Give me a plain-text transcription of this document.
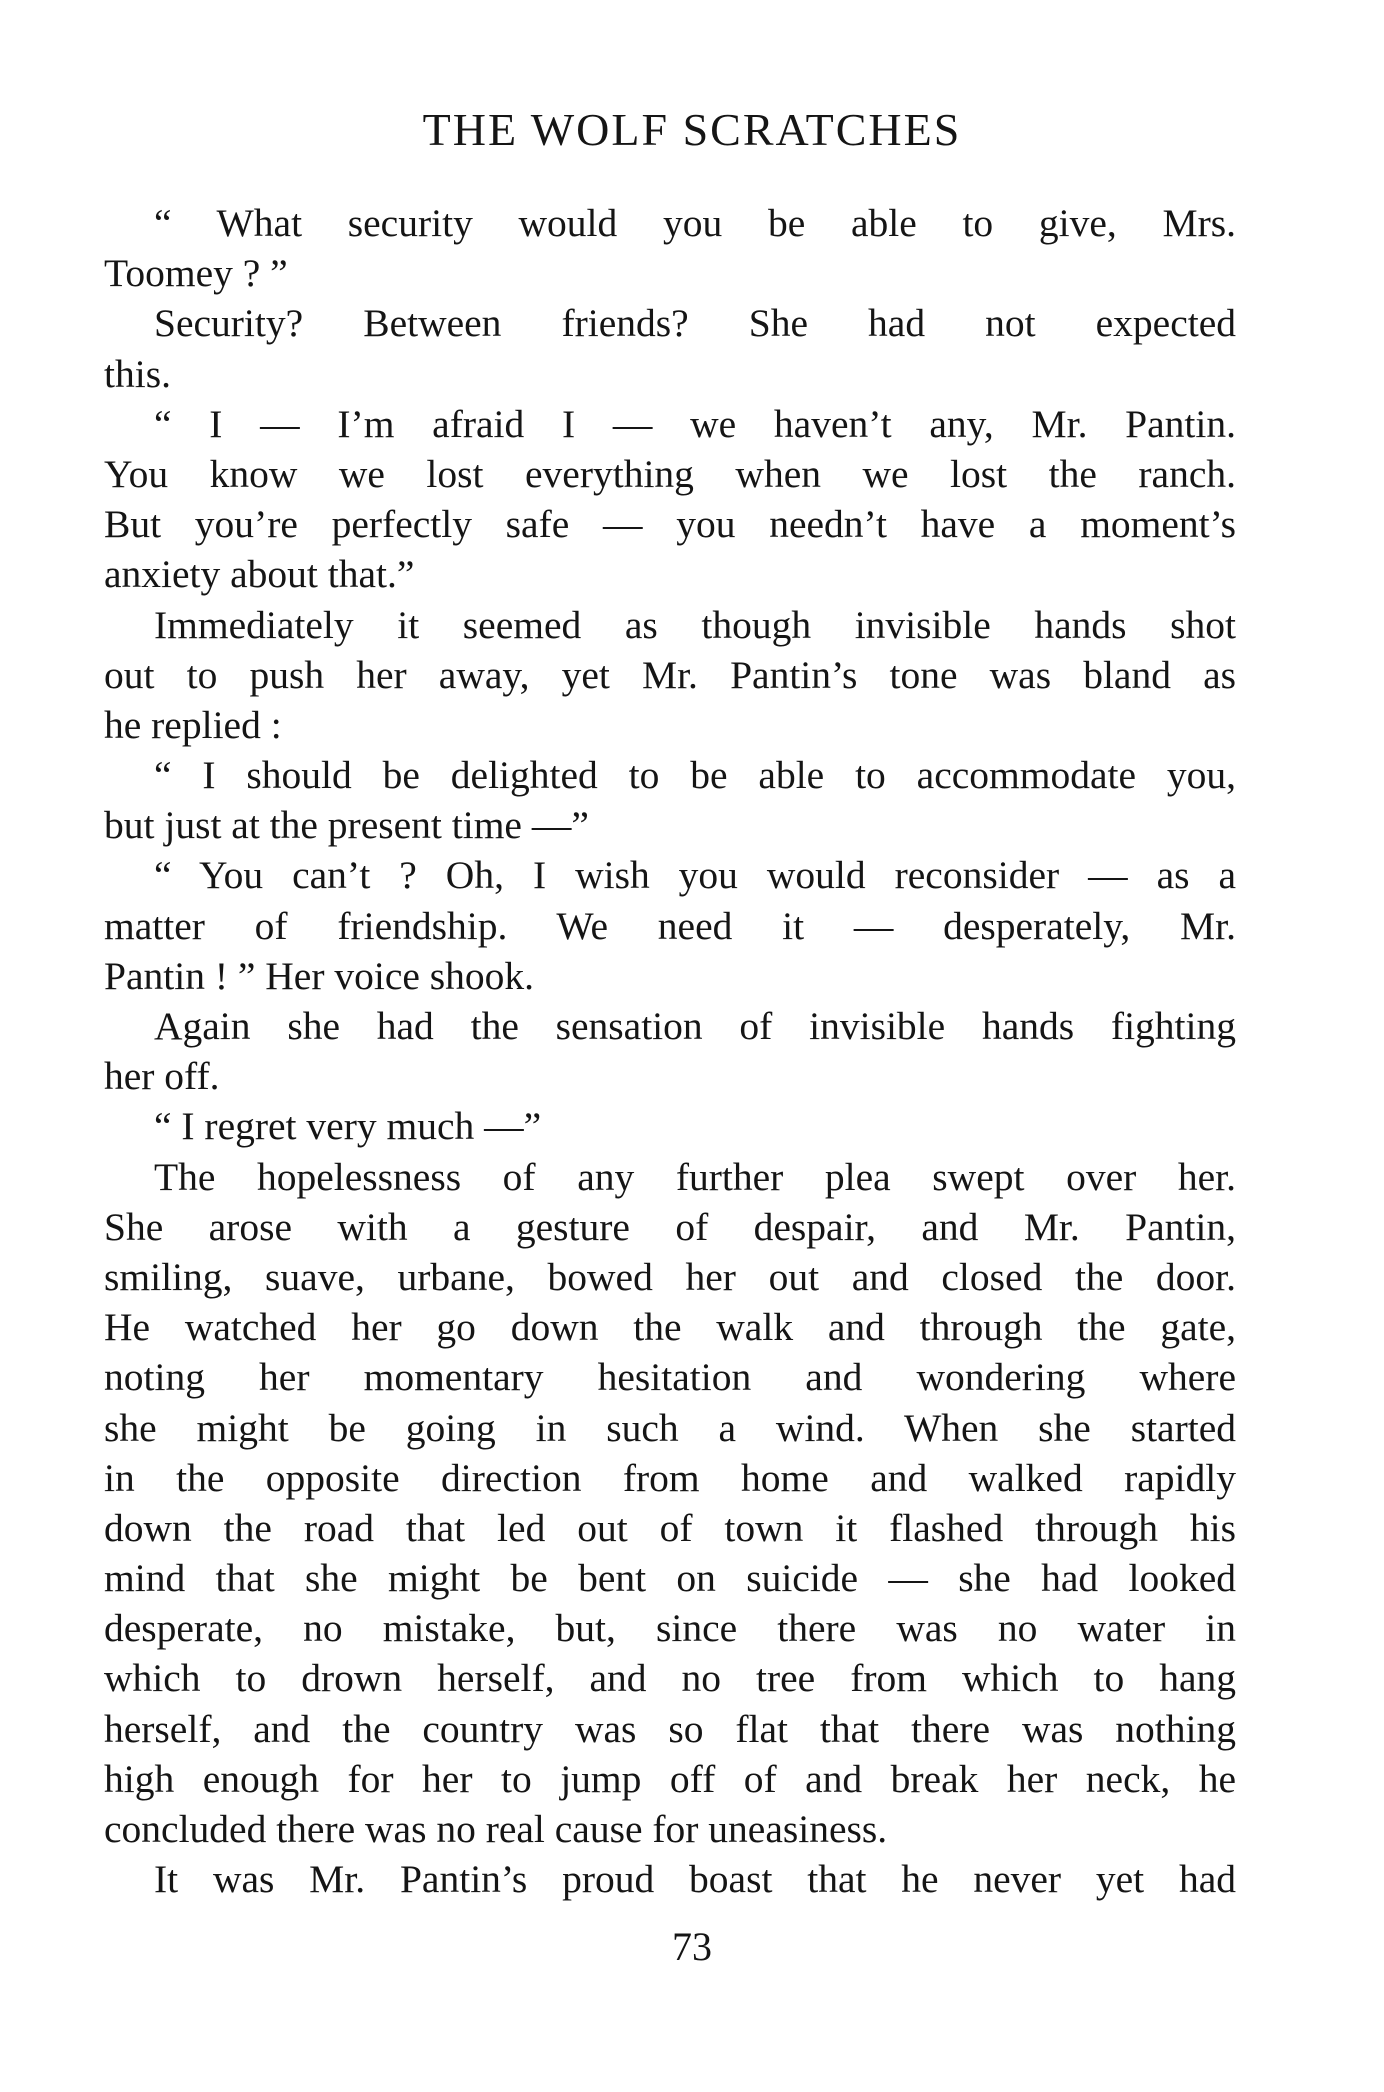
THE WOLF SCRATCHES
“ What security would you be able to give, Mrs.
Toomey ? ”
Security? Between friends? She had not expected
this.
“ I — I’m afraid I — we haven’t any, Mr. Pantin.
You know we lost everything when we lost the ranch.
But you’re perfectly safe — you needn’t have a moment’s
anxiety about that.”
Immediately it seemed as though invisible hands shot
out to push her away, yet Mr. Pantin’s tone was bland as
he replied :
“ I should be delighted to be able to accommodate you,
but just at the present time —”
“ You can’t ? Oh, I wish you would reconsider — as a
matter of friendship. We need it — desperately, Mr.
Pantin ! ” Her voice shook.
Again she had the sensation of invisible hands fighting
her off.
“ I regret very much —”
The hopelessness of any further plea swept over her.
She arose with a gesture of despair, and Mr. Pantin,
smiling, suave, urbane, bowed her out and closed the door.
He watched her go down the walk and through the gate,
noting her momentary hesitation and wondering where
she might be going in such a wind. When she started
in the opposite direction from home and walked rapidly
down the road that led out of town it flashed through his
mind that she might be bent on suicide — she had looked
desperate, no mistake, but, since there was no water in
which to drown herself, and no tree from which to hang
herself, and the country was so flat that there was nothing
high enough for her to jump off of and break her neck, he
concluded there was no real cause for uneasiness.
It was Mr. Pantin’s proud boast that he never yet had
73
